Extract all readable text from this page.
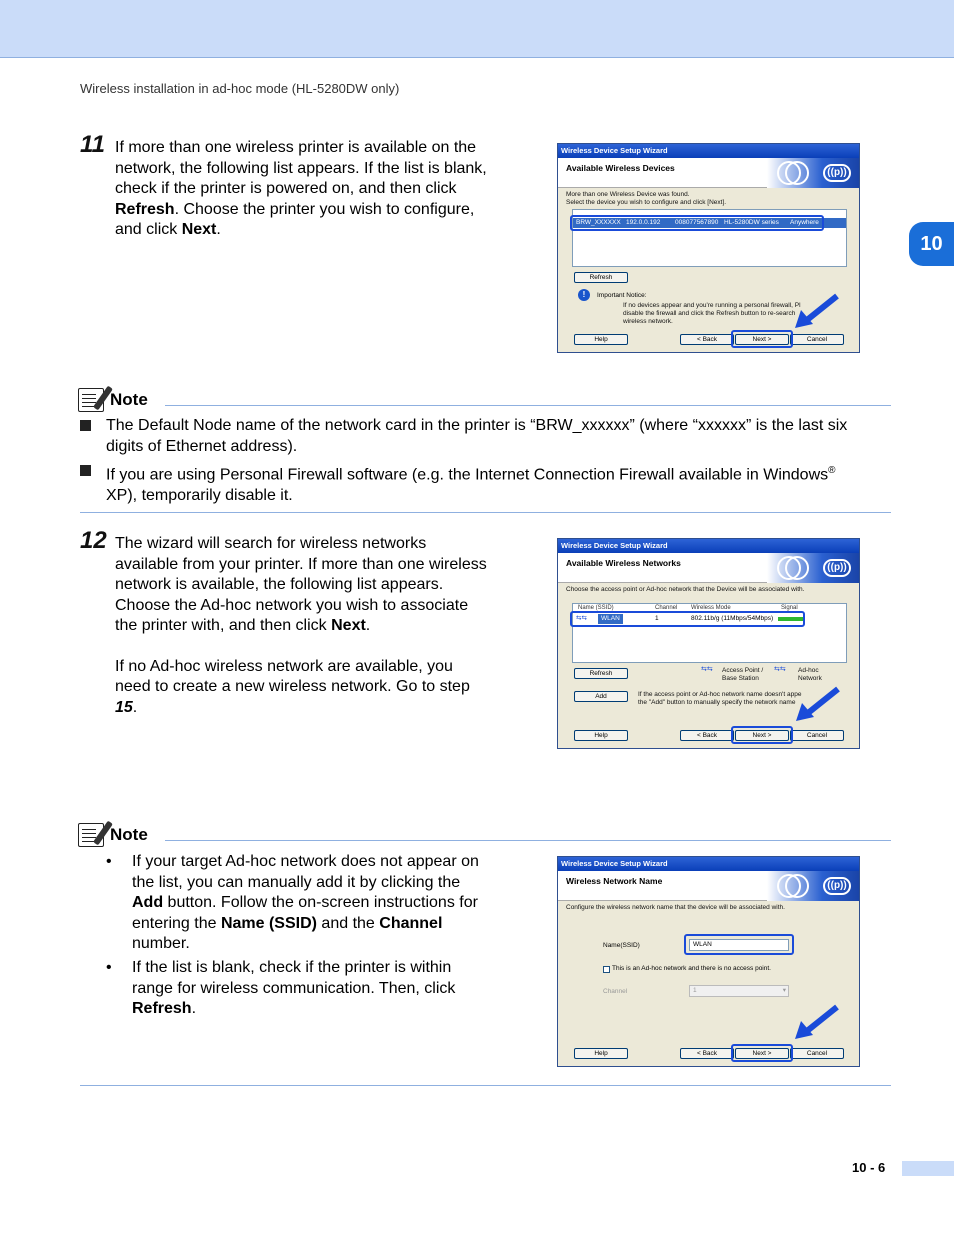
Wireless installation in ad-hoc mode (HL-5280DW only)
10
11 If more than one wireless printer is available on the
network, the following list appears. If the list is blank,
check if the printer is powered on, and then click
Refresh. Choose the printer you wish to configure,
and click Next.
Wireless Device Setup Wizard
Available Wireless Devices	((p))
More than one Wireless Device was found.
Select the device you wish to configure and click [Next].
BRW_XXXXXX 192.0.0.192 008077567890 HL-5280DW series Anywhere
Refresh
!	Important Notice:
If no devices appear and you're running a personal firewall, Pl
disable the firewall and click the Refresh button to re-search
wireless network.
Help	< Back	Next >	Cancel
Note
The Default Node name of the network card in the printer is “BRW_xxxxxx” (where “xxxxxx” is the last six
digits of Ethernet address).
If you are using Personal Firewall software (e.g. the Internet Connection Firewall available in Windows®
XP), temporarily disable it.
12 The wizard will search for wireless networks
available from your printer. If more than one wireless
network is available, the following list appears.
Choose the Ad-hoc network you wish to associate
the printer with, and then click Next.
If no Ad-hoc wireless network are available, you
need to create a new wireless network. Go to step
15.
Wireless Device Setup Wizard
Available Wireless Networks	((p))
Choose the access point or Ad-hoc network that the Device will be associated with.
Name (SSID)	Channel Wireless Mode	Signal
⇆⇆	WLAN	1	802.11b/g (11Mbps/54Mbps)
Refresh
⇆⇆ Access Point /
Base Station
⇆⇆ Ad-hoc
Network
Add	If the access point or Ad-hoc network name doesn't appe
the "Add" button to manually specify the network name
Help	< Back	Next >	Cancel
Note
• If your target Ad-hoc network does not appear on
the list, you can manually add it by clicking the
Add button. Follow the on-screen instructions for
entering the Name (SSID) and the Channel
number.
• If the list is blank, check if the printer is within
range for wireless communication. Then, click
Refresh.
Wireless Device Setup Wizard
Wireless Network Name	((p))
Configure the wireless network name that the device will be associated with.
Name(SSID)	WLAN
This is an Ad-hoc network and there is no access point.
Channel	1	▾
Help	< Back	Next >	Cancel
10 - 6
